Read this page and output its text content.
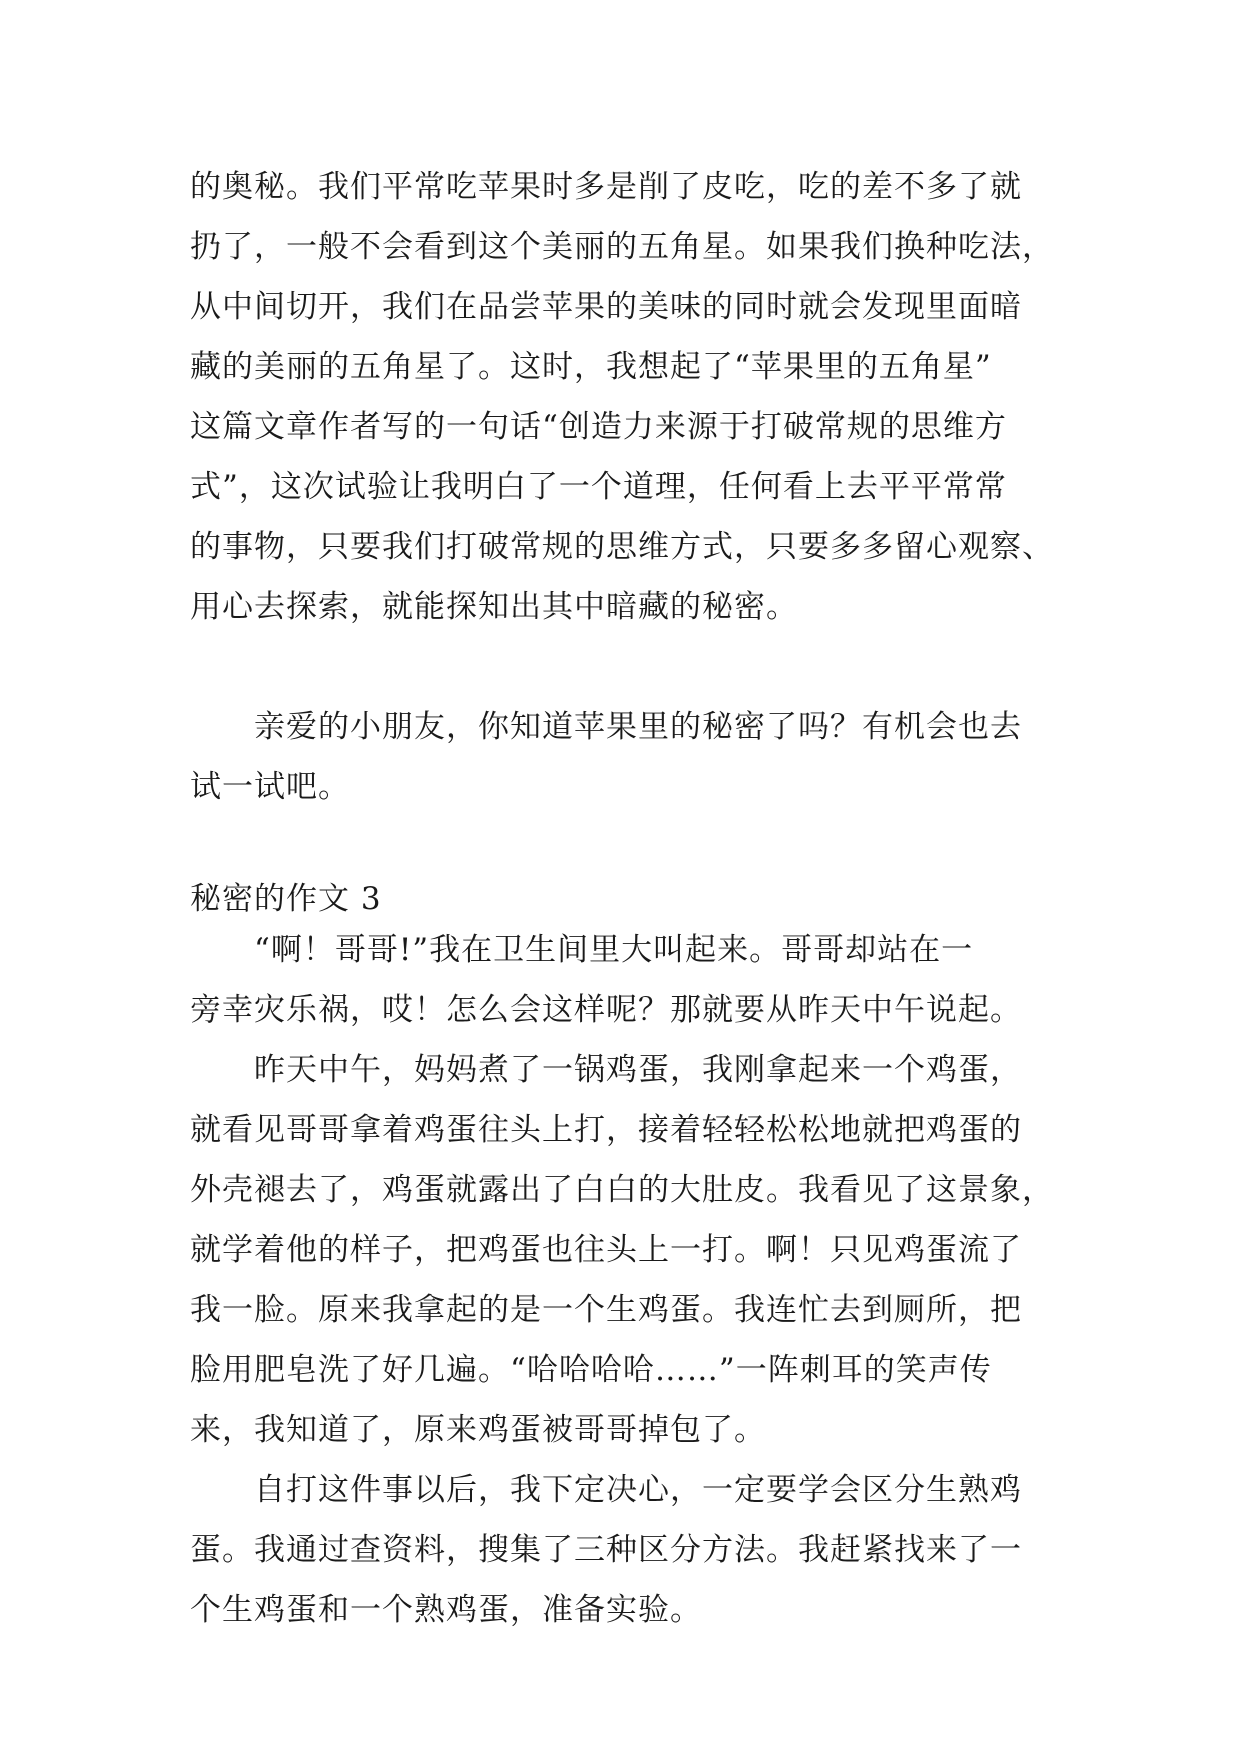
的奥秘。我们平常吃苹果时多是削了皮吃，吃的差不多了就
扔了，一般不会看到这个美丽的五角星。如果我们换种吃法，
从中间切开，我们在品尝苹果的美味的同时就会发现里面暗
藏的美丽的五角星了。这时，我想起了“苹果里的五角星”
这篇文章作者写的一句话“创造力来源于打破常规的思维方
式”，这次试验让我明白了一个道理，任何看上去平平常常
的事物，只要我们打破常规的思维方式，只要多多留心观察、
用心去探索，就能探知出其中暗藏的秘密。
亲爱的小朋友，你知道苹果里的秘密了吗？有机会也去
试一试吧。
秘密的作文 3
“啊！哥哥!”我在卫生间里大叫起来。哥哥却站在一
旁幸灾乐祸，哎！怎么会这样呢？那就要从昨天中午说起。
昨天中午，妈妈煮了一锅鸡蛋，我刚拿起来一个鸡蛋，
就看见哥哥拿着鸡蛋往头上打，接着轻轻松松地就把鸡蛋的
外壳褪去了，鸡蛋就露出了白白的大肚皮。我看见了这景象，
就学着他的样子，把鸡蛋也往头上一打。啊！只见鸡蛋流了
我一脸。原来我拿起的是一个生鸡蛋。我连忙去到厕所，把
脸用肥皂洗了好几遍。“哈哈哈哈……”一阵刺耳的笑声传
来，我知道了，原来鸡蛋被哥哥掉包了。
自打这件事以后，我下定决心，一定要学会区分生熟鸡
蛋。我通过查资料，搜集了三种区分方法。我赶紧找来了一
个生鸡蛋和一个熟鸡蛋，准备实验。
